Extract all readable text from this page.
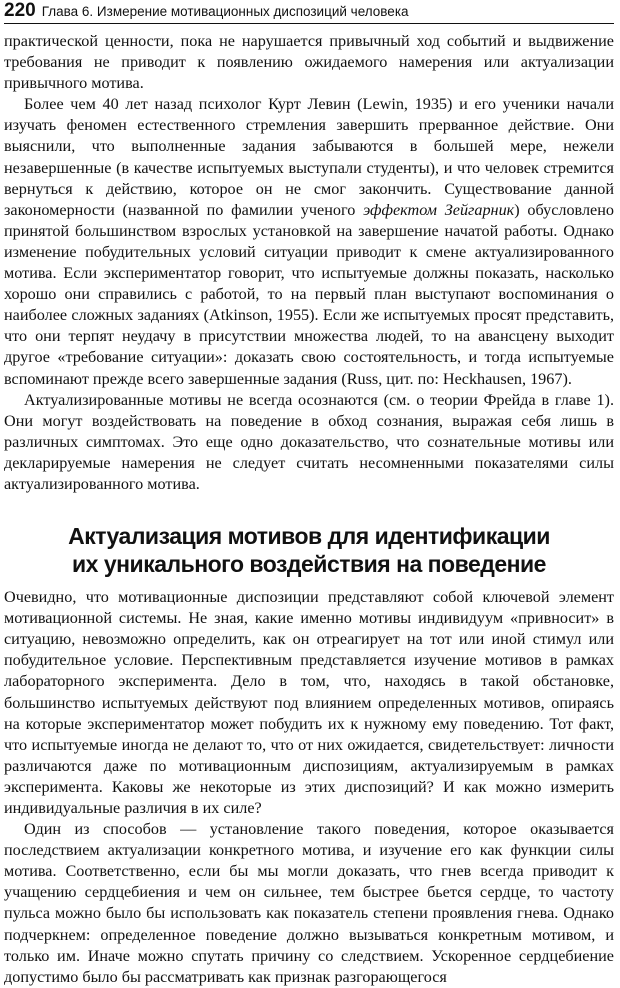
220 Глава 6. Измерение мотивационных диспозиций человека

практической ценности, пока не нарушается привычный ход событий и выдвижение требования не приводит к появлению ожидаемого намерения или актуализации привычного мотива.

Более чем 40 лет назад психолог Курт Левин (Lewin, 1935) и его ученики начали изучать феномен естественного стремления завершить прерванное действие. Они выяснили, что выполненные задания забываются в большей мере, нежели незавершенные (в качестве испытуемых выступали студенты), и что человек стремится вернуться к действию, которое он не смог закончить. Существование данной закономерности (названной по фамилии ученого эффектом Зейгарник) обусловлено принятой большинством взрослых установкой на завершение начатой работы. Однако изменение побудительных условий ситуации приводит к смене актуализированного мотива. Если экспериментатор говорит, что испытуемые должны показать, насколько хорошо они справились с работой, то на первый план выступают воспоминания о наиболее сложных заданиях (Atkinson, 1955). Если же испытуемых просят представить, что они терпят неудачу в присутствии множества людей, то на авансцену выходит другое «требование ситуации»: доказать свою состоятельность, и тогда испытуемые вспоминают прежде всего завершенные задания (Russ, цит. по: Heckhausen, 1967).

Актуализированные мотивы не всегда осознаются (см. о теории Фрейда в главе 1). Они могут воздействовать на поведение в обход сознания, выражая себя лишь в различных симптомах. Это еще одно доказательство, что сознательные мотивы или декларируемые намерения не следует считать несомненными показателями силы актуализированного мотива.

Актуализация мотивов для идентификации
их уникального воздействия на поведение

Очевидно, что мотивационные диспозиции представляют собой ключевой элемент мотивационной системы. Не зная, какие именно мотивы индивидуум «привносит» в ситуацию, невозможно определить, как он отреагирует на тот или иной стимул или побудительное условие. Перспективным представляется изучение мотивов в рамках лабораторного эксперимента. Дело в том, что, находясь в такой обстановке, большинство испытуемых действуют под влиянием определенных мотивов, опираясь на которые экспериментатор может побудить их к нужному ему поведению. Тот факт, что испытуемые иногда не делают то, что от них ожидается, свидетельствует: личности различаются даже по мотивационным диспозициям, актуализируемым в рамках эксперимента. Каковы же некоторые из этих диспозиций? И как можно измерить индивидуальные различия в их силе?

Один из способов — установление такого поведения, которое оказывается последствием актуализации конкретного мотива, и изучение его как функции силы мотива. Соответственно, если бы мы могли доказать, что гнев всегда приводит к учащению сердцебиения и чем он сильнее, тем быстрее бьется сердце, то частоту пульса можно было бы использовать как показатель степени проявления гнева. Однако подчеркнем: определенное поведение должно вызываться конкретным мотивом, и только им. Иначе можно спутать причину со следствием. Ускоренное сердцебиение допустимо было бы рассматривать как признак разгорающегося
